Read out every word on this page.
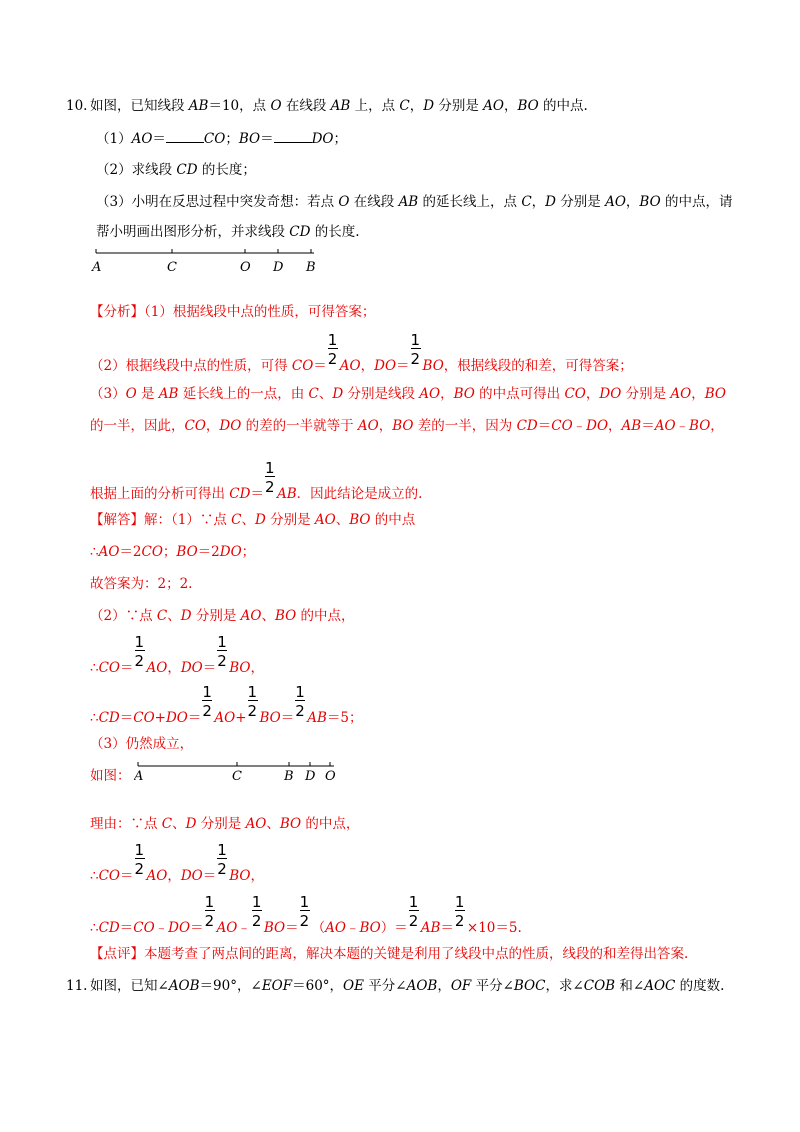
10. 如图，已知线段 AB＝10，点 O 在线段 AB 上，点 C，D 分别是 AO，BO 的中点.
（1）AO＝	CO；BO＝	DO；
（2）求线段 CD 的长度；
（3）小明在反思过程中突发奇想：若点 O 在线段 AB 的延长线上，点 C，D 分别是 AO，BO 的中点，请
帮小明画出图形分析，并求线段 CD 的长度.
A	C	O D B
【分析】（1）根据线段中点的性质，可得答案；
（2）根据线段中点的性质，可得 $CO= \frac{1}{2}$ AO，$DO= \frac{1}{2}$ BO，根据线段的和差，可得答案；
（3）O 是 AB 延长线上的一点，由 C、D 分别是线段 AO，BO 的中点可得出 CO，DO 分别是 AO，BO
的一半，因此，CO，DO 的差的一半就等于 AO，BO 差的一半，因为 CD＝CO﹣DO，AB＝AO﹣BO，
根据上面的分析可得出 $CD= \frac{1}{2}$ AB．因此结论是成立的.
【解答】解：（1）∵点 C、D 分别是 AO、BO 的中点
∴AO＝2CO；BO＝2DO；
故答案为：2；2.
（2）∵点 C、D 分别是 AO、BO 的中点，
∴CO＝ $\frac{1}{2}$ AO，$DO= \frac{1}{2}$ BO，
∴CD＝CO+DO＝ $\frac{1}{2} AO+ \frac{1}{2} BO= \frac{1}{2} AB=5$；
（3）仍然成立，
如图： A	C	B D O
理由：∵点 C、D 分别是 AO、BO 的中点，
∴CO＝ $\frac{1}{2}$ AO，$DO= \frac{1}{2}$ BO，
∴CD＝CO﹣DO＝ $\frac{1}{2}$ AO﹣ $\frac{1}{2} BO= \frac{1}{2}$ （AO﹣BO）＝ $\frac{1}{2} AB= \frac{1}{2} \times 10=5$.
【点评】本题考查了两点间的距离，解决本题的关键是利用了线段中点的性质，线段的和差得出答案.
11. 如图，已知∠AOB＝90°，∠EOF＝60°，OE 平分∠AOB，OF 平分∠BOC，求∠COB 和∠AOC 的度数.
